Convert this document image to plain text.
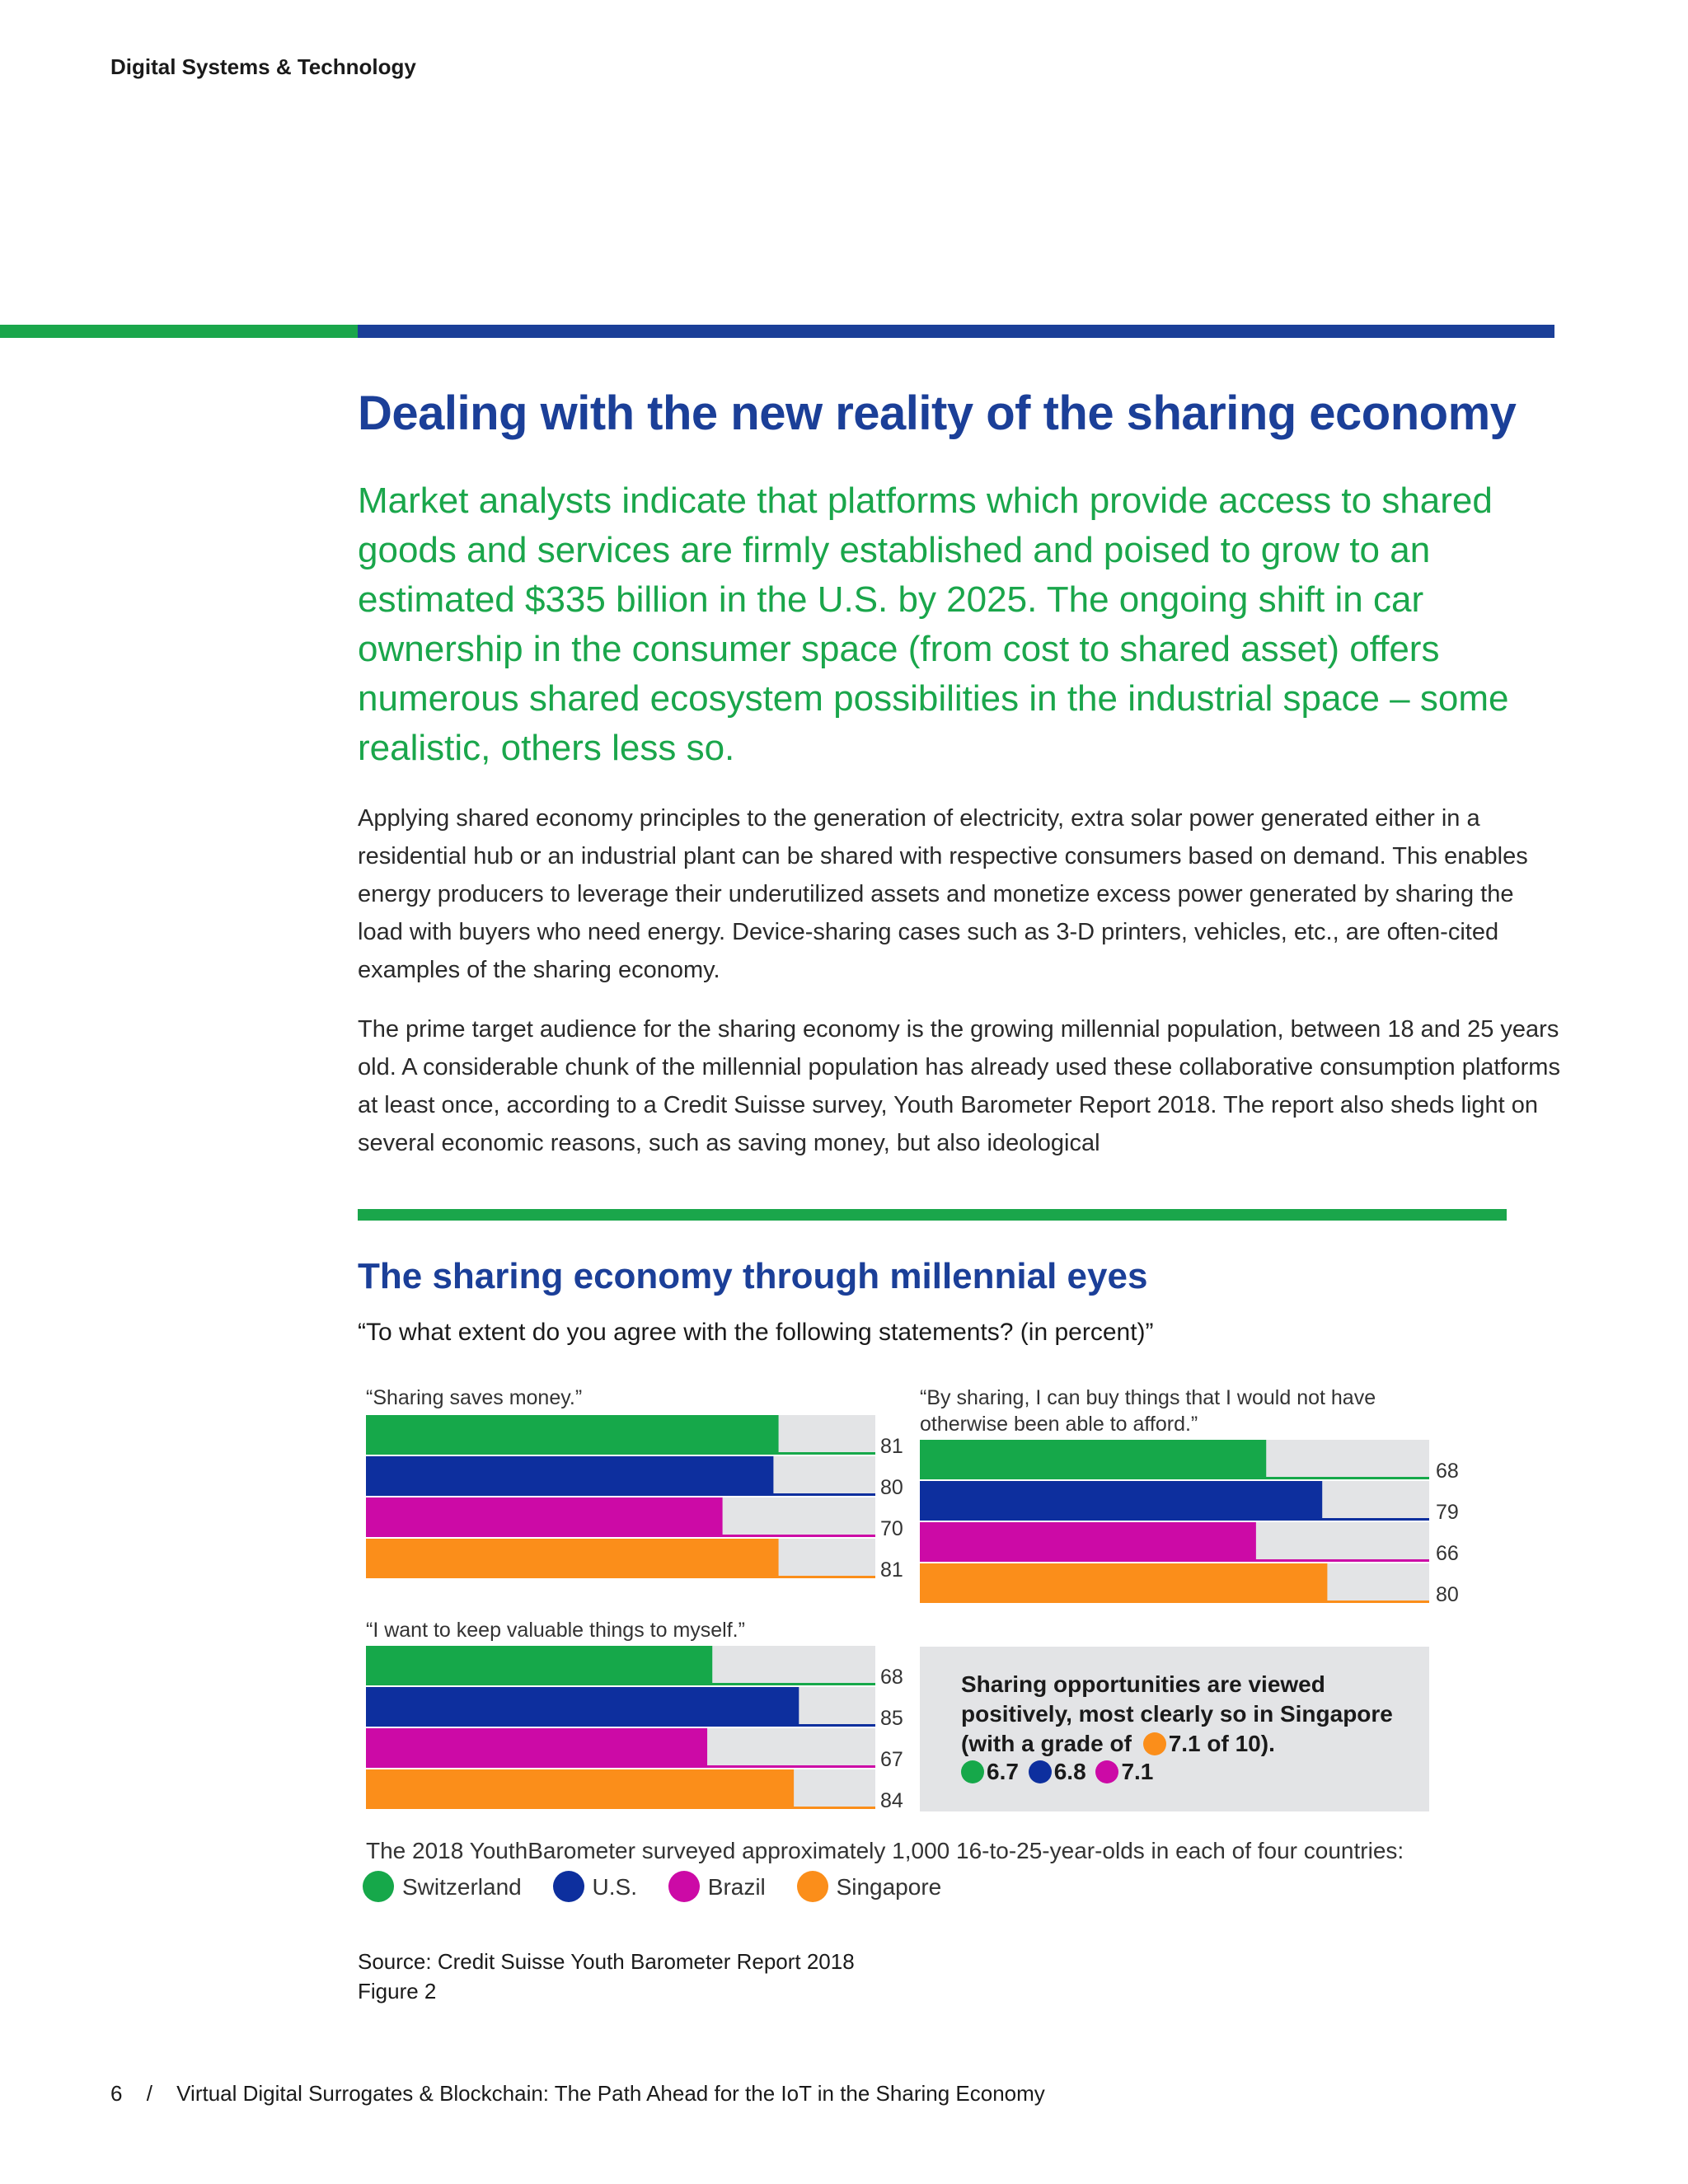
Digital Systems & Technology
Dealing with the new reality of the sharing economy
Market analysts indicate that platforms which provide access to shared goods and services are firmly established and poised to grow to an estimated $335 billion in the U.S. by 2025. The ongoing shift in car ownership in the consumer space (from cost to shared asset) offers numerous shared ecosystem possibilities in the industrial space – some realistic, others less so.
Applying shared economy principles to the generation of electricity, extra solar power generated either in a residential hub or an industrial plant can be shared with respective consumers based on demand. This enables energy producers to leverage their underutilized assets and monetize excess power generated by sharing the load with buyers who need energy. Device-sharing cases such as 3-D printers, vehicles, etc., are often-cited examples of the sharing economy.
The prime target audience for the sharing economy is the growing millennial population, between 18 and 25 years old. A considerable chunk of the millennial population has already used these collaborative consumption platforms at least once, according to a Credit Suisse survey, Youth Barometer Report 2018. The report also sheds light on several economic reasons, such as saving money, but also ideological
The sharing economy through millennial eyes
“To what extent do you agree with the following statements? (in percent)”
“Sharing saves money.”	“By sharing, I can buy things that I would not have otherwise been able to afford.”
“I want to keep valuable things to myself.”
81
80
70
81
68
79
66
80
68
85
67
84
Sharing opportunities are viewed positively, most clearly so in Singapore (with a grade of 7.1 of 10).
6.7 6.8 7.1
The 2018 YouthBarometer surveyed approximately 1,000 16-to-25-year-olds in each of four countries:
Switzerland	U.S.	Brazil	Singapore
Source: Credit Suisse Youth Barometer Report 2018
Figure 2
6 / Virtual Digital Surrogates & Blockchain: The Path Ahead for the IoT in the Sharing Economy
